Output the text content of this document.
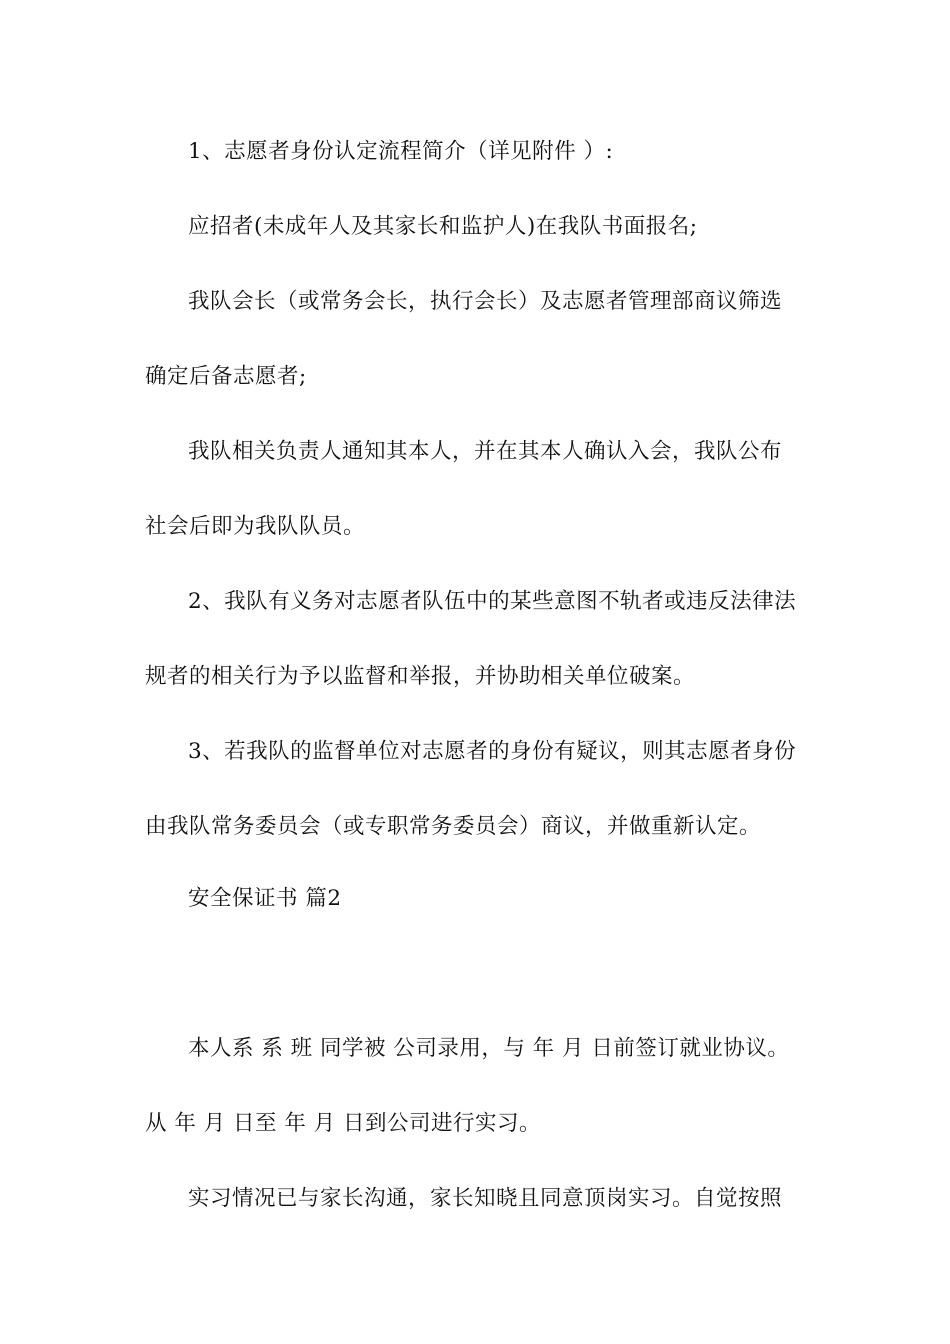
1、志愿者身份认定流程简介（详见附件 ）:
应招者(未成年人及其家长和监护人)在我队书面报名;
我队会长（或常务会长，执行会长）及志愿者管理部商议筛选
确定后备志愿者;
我队相关负责人通知其本人，并在其本人确认入会，我队公布
社会后即为我队队员。
2、我队有义务对志愿者队伍中的某些意图不轨者或违反法律法
规者的相关行为予以监督和举报，并协助相关单位破案。
3、若我队的监督单位对志愿者的身份有疑议，则其志愿者身份
由我队常务委员会（或专职常务委员会）商议，并做重新认定。
安全保证书 篇2
本人系 系 班 同学被 公司录用，与 年 月 日前签订就业协议。
从 年 月 日至 年 月 日到公司进行实习。
实习情况已与家长沟通，家长知晓且同意顶岗实习。自觉按照
